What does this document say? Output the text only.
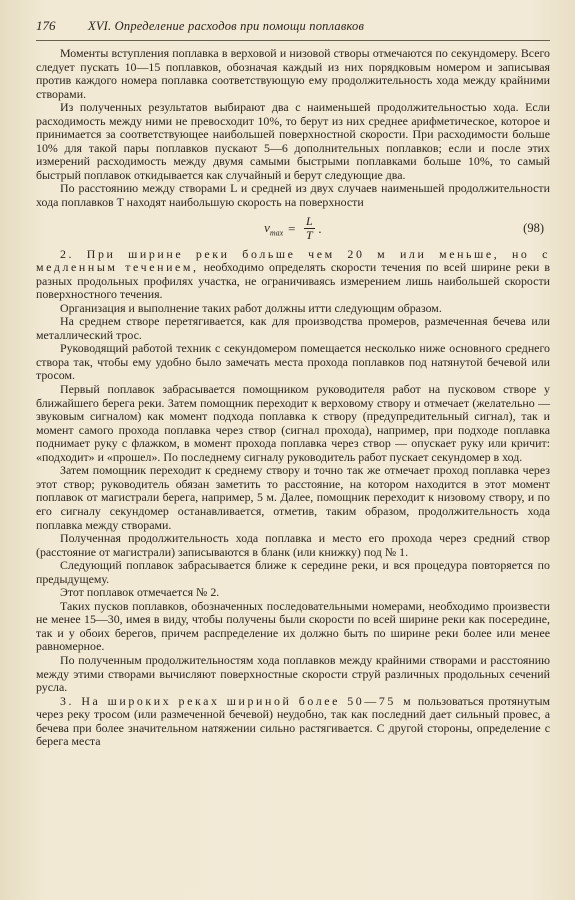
176	XVI. Определение расходов при помощи поплавков

Моменты вступления поплавка в верховой и низовой створы отмечаются по секундомеру. Всего следует пускать 10—15 поплавков, обозначая каждый из них порядковым номером и записывая против каждого номера поплавка соответствующую ему продолжительность хода между крайними створами.

Из полученных результатов выбирают два с наименьшей продолжительностью хода. Если расходимость между ними не превосходит 10%, то берут из них среднее арифметическое, которое и принимается за соответствующее наибольшей поверхностной скорости. При расходимости больше 10% для такой пары поплавков пускают 5—6 дополнительных поплавков; если и после этих измерений расходимость между двумя самыми быстрыми поплавками больше 10%, то самый быстрый поплавок откидывается как случайный и берут следующие два.

По расстоянию между створами L и средней из двух случаев наименьшей продолжительности хода поплавков T находят наибольшую скорость на поверхности

$v_{max} = \frac{L}{T}$ .	(98)

2. При ширине реки больше чем 20 м или меньше, но с медленным течением, необходимо определять скорости течения по всей ширине реки в разных продольных профилях участка, не ограничиваясь измерением лишь наибольшей скорости поверхностного течения.

Организация и выполнение таких работ должны итти следующим образом.

На среднем створе перетягивается, как для производства промеров, размеченная бечева или металлический трос.

Руководящий работой техник с секундомером помещается несколько ниже основного среднего створа так, чтобы ему удобно было замечать места прохода поплавков под натянутой бечевой или тросом.

Первый поплавок забрасывается помощником руководителя работ на пусковом створе у ближайшего берега реки. Затем помощник переходит к верховому створу и отмечает (желательно — звуковым сигналом) как момент подхода поплавка к створу (предупредительный сигнал), так и момент самого прохода поплавка через створ (сигнал прохода), например, при подходе поплавка поднимает руку с флажком, в момент прохода поплавка через створ — опускает руку или кричит: «подходит» и «прошел». По последнему сигналу руководитель работ пускает секундомер в ход.

Затем помощник переходит к среднему створу и точно так же отмечает проход поплавка через этот створ; руководитель обязан заметить то расстояние, на котором находится в этот момент поплавок от магистрали берега, например, 5 м. Далее, помощник переходит к низовому створу, и по его сигналу секундомер останавливается, отметив, таким образом, продолжительность хода поплавка между створами.

Полученная продолжительность хода поплавка и место его прохода через средний створ (расстояние от магистрали) записываются в бланк (или книжку) под № 1.

Следующий поплавок забрасывается ближе к середине реки, и вся процедура повторяется по предыдущему.

Этот поплавок отмечается № 2.

Таких пусков поплавков, обозначенных последовательными номерами, необходимо произвести не менее 15—30, имея в виду, чтобы получены были скорости по всей ширине реки как посередине, так и у обоих берегов, причем распределение их должно быть по ширине реки более или менее равномерное.

По полученным продолжительностям хода поплавков между крайними створами и расстоянию между этими створами вычисляют поверхностные скорости струй различных продольных сечений русла.

3. На широких реках шириной более 50—75 м пользоваться протянутым через реку тросом (или размеченной бечевой) неудобно, так как последний дает сильный провес, а бечева при более значительном натяжении сильно растягивается. С другой стороны, определение с берега места
